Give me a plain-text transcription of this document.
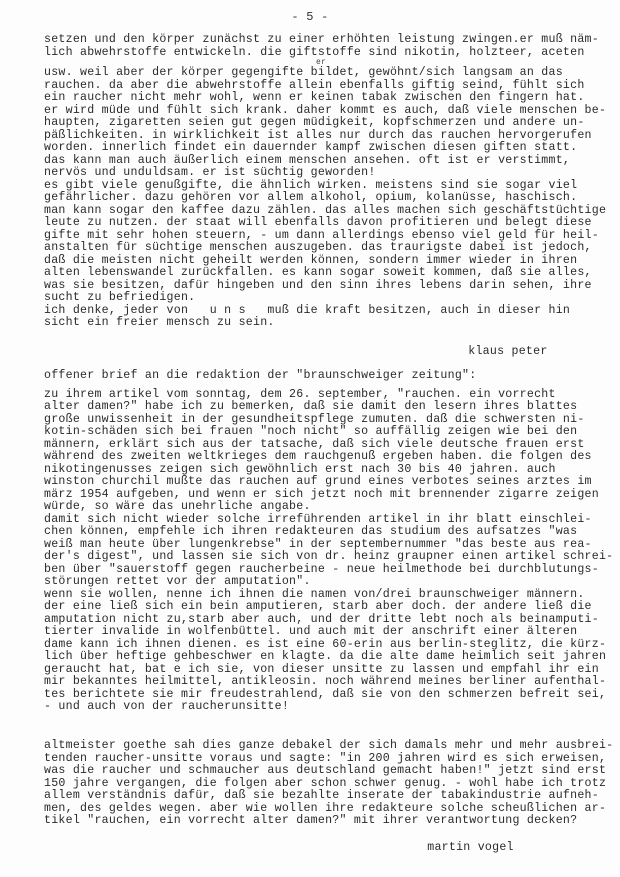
- 5 -
setzen und den körper zunächst zu einer erhöhten leistung zwingen.er muß näm-
lich abwehrstoffe entwickeln. die giftstoffe sind nikotin, holzteer, aceten
er
usw. weil aber der körper gegengifte bildet, gewöhnt/sich langsam an das
rauchen. da aber die abwehrstoffe allein ebenfalls giftig seind, fühlt sich
ein raucher nicht mehr wohl, wenn er keinen tabak zwischen den fingern hat.
er wird müde und fühlt sich krank. daher kommt es auch, daß viele menschen be-
haupten, zigaretten seien gut gegen müdigkeit, kopfschmerzen und andere un-
päßlichkeiten. in wirklichkeit ist alles nur durch das rauchen hervorgerufen
worden. innerlich findet ein dauernder kampf zwischen diesen giften statt.
das kann man auch äußerlich einem menschen ansehen. oft ist er verstimmt,
nervös und unduldsam. er ist süchtig geworden!
es gibt viele genußgifte, die ähnlich wirken. meistens sind sie sogar viel
gefährlicher. dazu gehören vor allem alkohol, opium, kolanüsse, haschisch.
man kann sogar den kaffee dazu zählen. das alles machen sich geschäftstüchtige
leute zu nutzen. der staat will ebenfalls davon profitieren und belegt diese
gifte mit sehr hohen steuern, - um dann allerdings ebenso viel geld für heil-
anstalten für süchtige menschen auszugeben. das traurigste dabei ist jedoch,
daß die meisten nicht geheilt werden können, sondern immer wieder in ihren
alten lebenswandel zurückfallen. es kann sogar soweit kommen, daß sie alles,
was sie besitzen, dafür hingeben und den sinn ihres lebens darin sehen, ihre
sucht zu befriedigen.
ich denke, jeder von   u n s   muß die kraft besitzen, auch in dieser hin
sicht ein freier mensch zu sein.

klaus peter

offener brief an die redaktion der "braunschweiger zeitung":
zu ihrem artikel vom sonntag, dem 26. september, "rauchen. ein vorrecht
alter damen?" habe ich zu bemerken, daß sie damit den lesern ihres blattes
große unwissenheit in der gesundheitspflege zumuten. daß die schwersten ni-
kotin-schäden sich bei frauen "noch nicht" so auffällig zeigen wie bei den
männern, erklärt sich aus der tatsache, daß sich viele deutsche frauen erst
während des zweiten weltkrieges dem rauchgenuß ergeben haben. die folgen des
nikotingenusses zeigen sich gewöhnlich erst nach 30 bis 40 jahren. auch
winston churchil mußte das rauchen auf grund eines verbotes seines arztes im
märz 1954 aufgeben, und wenn er sich jetzt noch mit brennender zigarre zeigen
würde, so wäre das unehrliche angabe.
damit sich nicht wieder solche irreführenden artikel in ihr blatt einschlei-
chen können, empfehle ich ihren redakteuren das studium des aufsatzes "was
weiß man heute über lungenkrebse" in der septembernummer "das beste aus rea-
der's digest", und lassen sie sich von dr. heinz graupner einen artikel schrei-
ben über "sauerstoff gegen raucherbeine - neue heilmethode bei durchblutungs-
störungen rettet vor der amputation".
wenn sie wollen, nenne ich ihnen die namen von/drei braunschweiger männern.
der eine ließ sich ein bein amputieren, starb aber doch. der andere ließ die
amputation nicht zu,starb aber auch, und der dritte lebt noch als beinamputi-
tierter invalide in wolfenbüttel. und auch mit der anschrift einer älteren
dame kann ich ihnen dienen. es ist eine 60-erin aus berlin-steglitz, die kürz-
lich über heftige gehbeschwer en klagte. da die alte dame heimlich seit jahren
geraucht hat, bat e ich sie, von dieser unsitte zu lassen und empfahl ihr ein
mir bekanntes heilmittel, antikleosin. noch während meines berliner aufenthal-
tes berichtete sie mir freudestrahlend, daß sie von den schmerzen befreit sei,
- und auch von der raucherunsitte!
altmeister goethe sah dies ganze debakel der sich damals mehr und mehr ausbrei-
tenden raucher-unsitte voraus und sagte: "in 200 jahren wird es sich erweisen,
was die raucher und schmaucher aus deutschland gemacht haben!" jetzt sind erst
150 jahre vergangen, die folgen aber schon schwer genug. - wohl habe ich trotz
allem verständnis dafür, daß sie bezahlte inserate der tabakindustrie aufneh-
men, des geldes wegen. aber wie wollen ihre redakteure solche scheußlichen ar-
tikel "rauchen, ein vorrecht alter damen?" mit ihrer verantwortung decken?

martin vogel
